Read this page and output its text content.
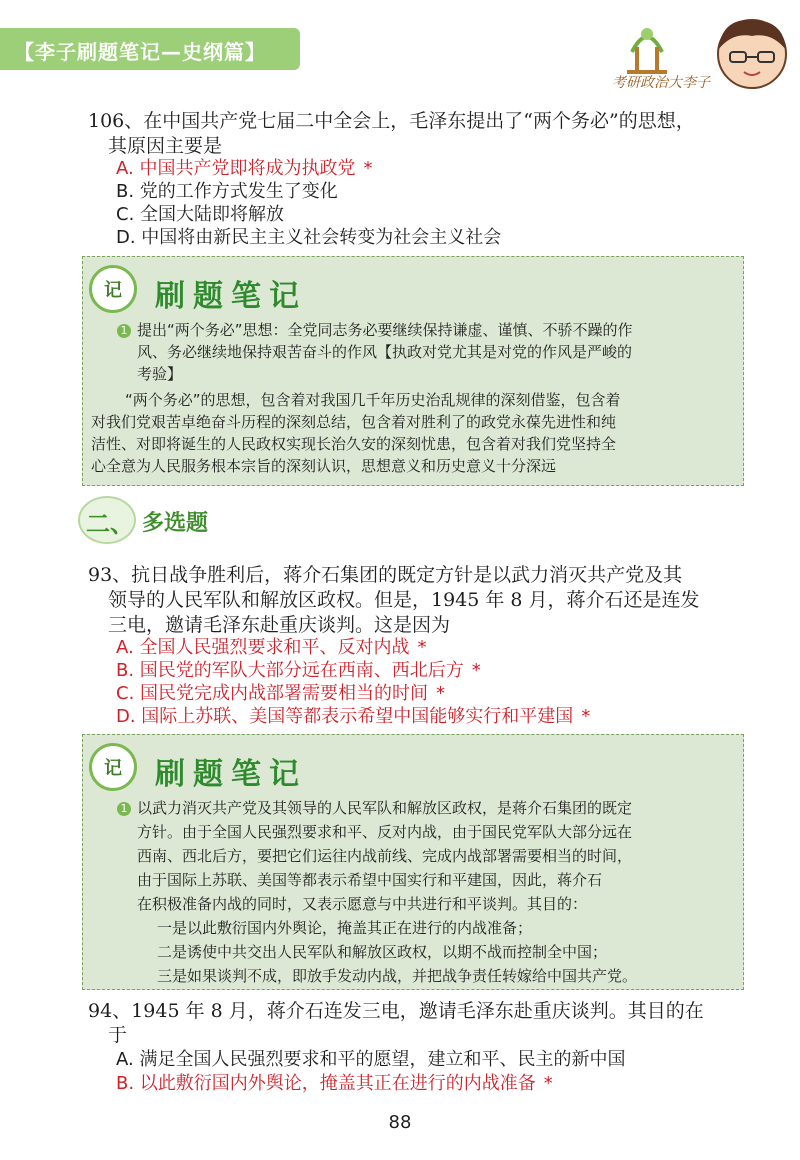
【李子刷题笔记—史纲篇】
考研政治大李子
106、在中国共产党七届二中全会上，毛泽东提出了“两个务必”的思想，
其原因主要是
A. 中国共产党即将成为执政党 *
B. 党的工作方式发生了变化
C. 全国大陆即将解放
D. 中国将由新民主主义社会转变为社会主义社会
记	刷题笔记
1 提出“两个务必”思想：全党同志务必要继续保持谦虚、谨慎、不骄不躁的作
风、务必继续地保持艰苦奋斗的作风【执政对党尤其是对党的作风是严峻的
考验】
“两个务必”的思想，包含着对我国几千年历史治乱规律的深刻借鉴，包含着
对我们党艰苦卓绝奋斗历程的深刻总结，包含着对胜利了的政党永葆先进性和纯
洁性、对即将诞生的人民政权实现长治久安的深刻忧患，包含着对我们党坚持全
心全意为人民服务根本宗旨的深刻认识，思想意义和历史意义十分深远
二、 多选题
93、抗日战争胜利后，蒋介石集团的既定方针是以武力消灭共产党及其
领导的人民军队和解放区政权。但是，1945 年 8 月，蒋介石还是连发
三电，邀请毛泽东赴重庆谈判。这是因为
A. 全国人民强烈要求和平、反对内战 *
B. 国民党的军队大部分远在西南、西北后方 *
C. 国民党完成内战部署需要相当的时间 *
D. 国际上苏联、美国等都表示希望中国能够实行和平建国 *
记	刷题笔记
1 以武力消灭共产党及其领导的人民军队和解放区政权，是蒋介石集团的既定
方针。由于全国人民强烈要求和平、反对内战，由于国民党军队大部分远在
西南、西北后方，要把它们运往内战前线、完成内战部署需要相当的时间，
由于国际上苏联、美国等都表示希望中国实行和平建国，因此，蒋介石
在积极准备内战的同时，又表示愿意与中共进行和平谈判。其目的：
一是以此敷衍国内外舆论，掩盖其正在进行的内战准备；
二是诱使中共交出人民军队和解放区政权，以期不战而控制全中国；
三是如果谈判不成，即放手发动内战，并把战争责任转嫁给中国共产党。
94、1945 年 8 月，蒋介石连发三电，邀请毛泽东赴重庆谈判。其目的在
于
A. 满足全国人民强烈要求和平的愿望，建立和平、民主的新中国
B. 以此敷衍国内外舆论，掩盖其正在进行的内战准备 *
88
